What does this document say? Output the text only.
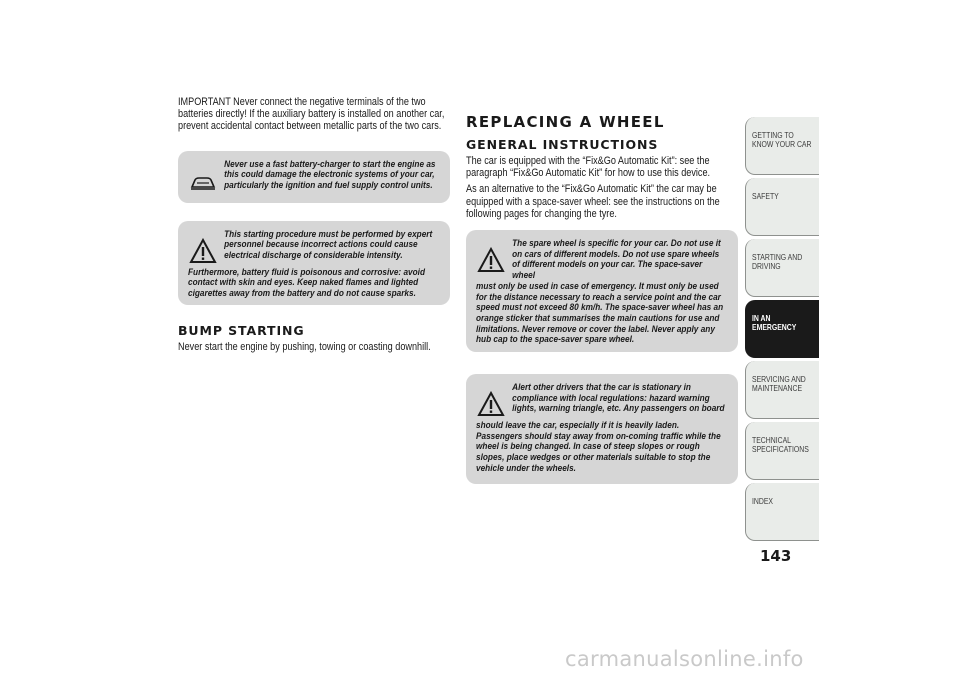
IMPORTANT Never connect the negative terminals of the two batteries directly! If the auxiliary battery is installed on another car, prevent accidental contact between metallic parts of the two cars.

Never use a fast battery-charger to start the engine as this could damage the electronic systems of your car, particularly the ignition and fuel supply control units.

This starting procedure must be performed by expert personnel because incorrect actions could cause electrical discharge of considerable intensity.

Furthermore, battery fluid is poisonous and corrosive: avoid contact with skin and eyes. Keep naked flames and lighted cigarettes away from the battery and do not cause sparks.

BUMP STARTING

Never start the engine by pushing, towing or coasting downhill.

REPLACING A WHEEL
GENERAL INSTRUCTIONS

The car is equipped with the “Fix&Go Automatic Kit”: see the paragraph “Fix&Go Automatic Kit” for how to use this device.

As an alternative to the “Fix&Go Automatic Kit” the car may be equipped with a space-saver wheel: see the instructions on the following pages for changing the tyre.

The spare wheel is specific for your car. Do not use it on cars of different models. Do not use spare wheels of different models on your car. The space-saver wheel

must only be used in case of emergency. It must only be used for the distance necessary to reach a service point and the car speed must not exceed 80 km/h. The space-saver wheel has an orange sticker that summarises the main cautions for use and limitations. Never remove or cover the label. Never apply any hub cap to the space-saver spare wheel.

Alert other drivers that the car is stationary in compliance with local regulations: hazard warning lights, warning triangle, etc. Any passengers on board

should leave the car, especially if it is heavily laden. Passengers should stay away from on-coming traffic while the wheel is being changed. In case of steep slopes or rough slopes, place wedges or other materials suitable to stop the vehicle under the wheels.

GETTING TO KNOW YOUR CAR
SAFETY
STARTING AND DRIVING
IN AN EMERGENCY
SERVICING AND MAINTENANCE
TECHNICAL SPECIFICATIONS
INDEX
143
carmanualsonline.info
